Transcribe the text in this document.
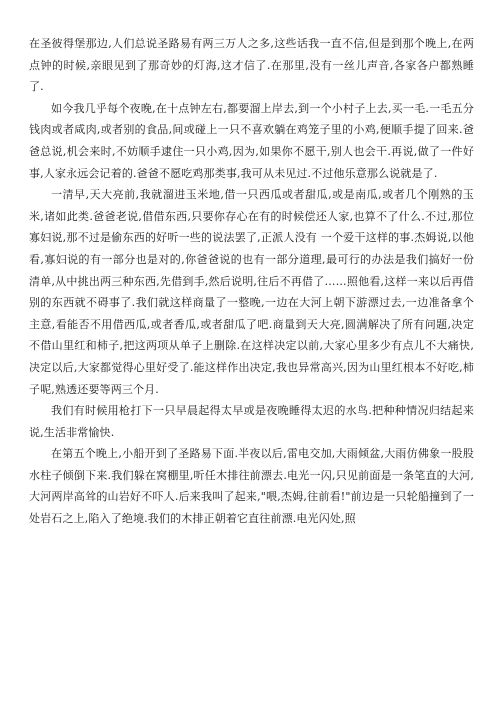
在圣彼得堡那边,人们总说圣路易有两三万人之多,这些话我一直不信,但是到那个晚上,在两点钟的时候,亲眼见到了那奇妙的灯海,这才信了.在那里,没有一丝儿声音,各家各户都熟睡了.

如今我几乎每个夜晚,在十点钟左右,都要溜上岸去,到一个小村子上去,买一毛.一毛五分钱肉或者咸肉,或者别的食品,间或碰上一只不喜欢躺在鸡笼子里的小鸡,便顺手提了回来.爸爸总说,机会来时,不妨顺手逮住一只小鸡,因为,如果你不愿干,别人也会干.再说,做了一件好事,人家永远会记着的.爸爸不愿吃鸡那类事,我可从未见过.不过他乐意那么说就是了.

一清早,天大亮前,我就溜进玉米地,借一只西瓜或者甜瓜,或是南瓜,或者几个刚熟的玉米,诸如此类.爸爸老说,借借东西,只要你存心在有的时候偿还人家,也算不了什么.不过,那位寡妇说,那不过是偷东西的好听一些的说法罢了,正派人没有 一个爱干这样的事.杰姆说,以他看,寡妇说的有一部分也是对的,你爸爸说的也有一部分道理,最可行的办法是我们搞好一份清单,从中挑出两三种东西,先借到手,然后说明,往后不再借了……照他看,这样一来以后再借别的东西就不碍事了.我们就这样商量了一整晚,一边在大河上朝下游漂过去,一边准备拿个主意,看能否不用借西瓜,或者香瓜,或者甜瓜了吧.商量到天大亮,圆满解决了所有问题,决定不借山里红和柿子,把这两项从单子上删除.在这样决定以前,大家心里多少有点儿不大痛快,决定以后,大家都觉得心里好受了.能这样作出决定,我也异常高兴,因为山里红根本不好吃,柿子呢,熟透还要等两三个月.

我们有时候用枪打下一只早晨起得太早或是夜晚睡得太迟的水鸟.把种种情况归结起来说,生活非常愉快.

在第五个晚上,小船开到了圣路易下面.半夜以后,雷电交加,大雨倾盆,大雨仿佛象一股股水柱子倾倒下来.我们躲在窝棚里,听任木排往前漂去.电光一闪,只见前面是一条笔直的大河,大河两岸高耸的山岩好不吓人.后来我叫了起来,"喂,杰姆,往前看!"前边是一只轮船撞到了一处岩石之上,陷入了绝境.我们的木排正朝着它直往前漂.电光闪处,照
